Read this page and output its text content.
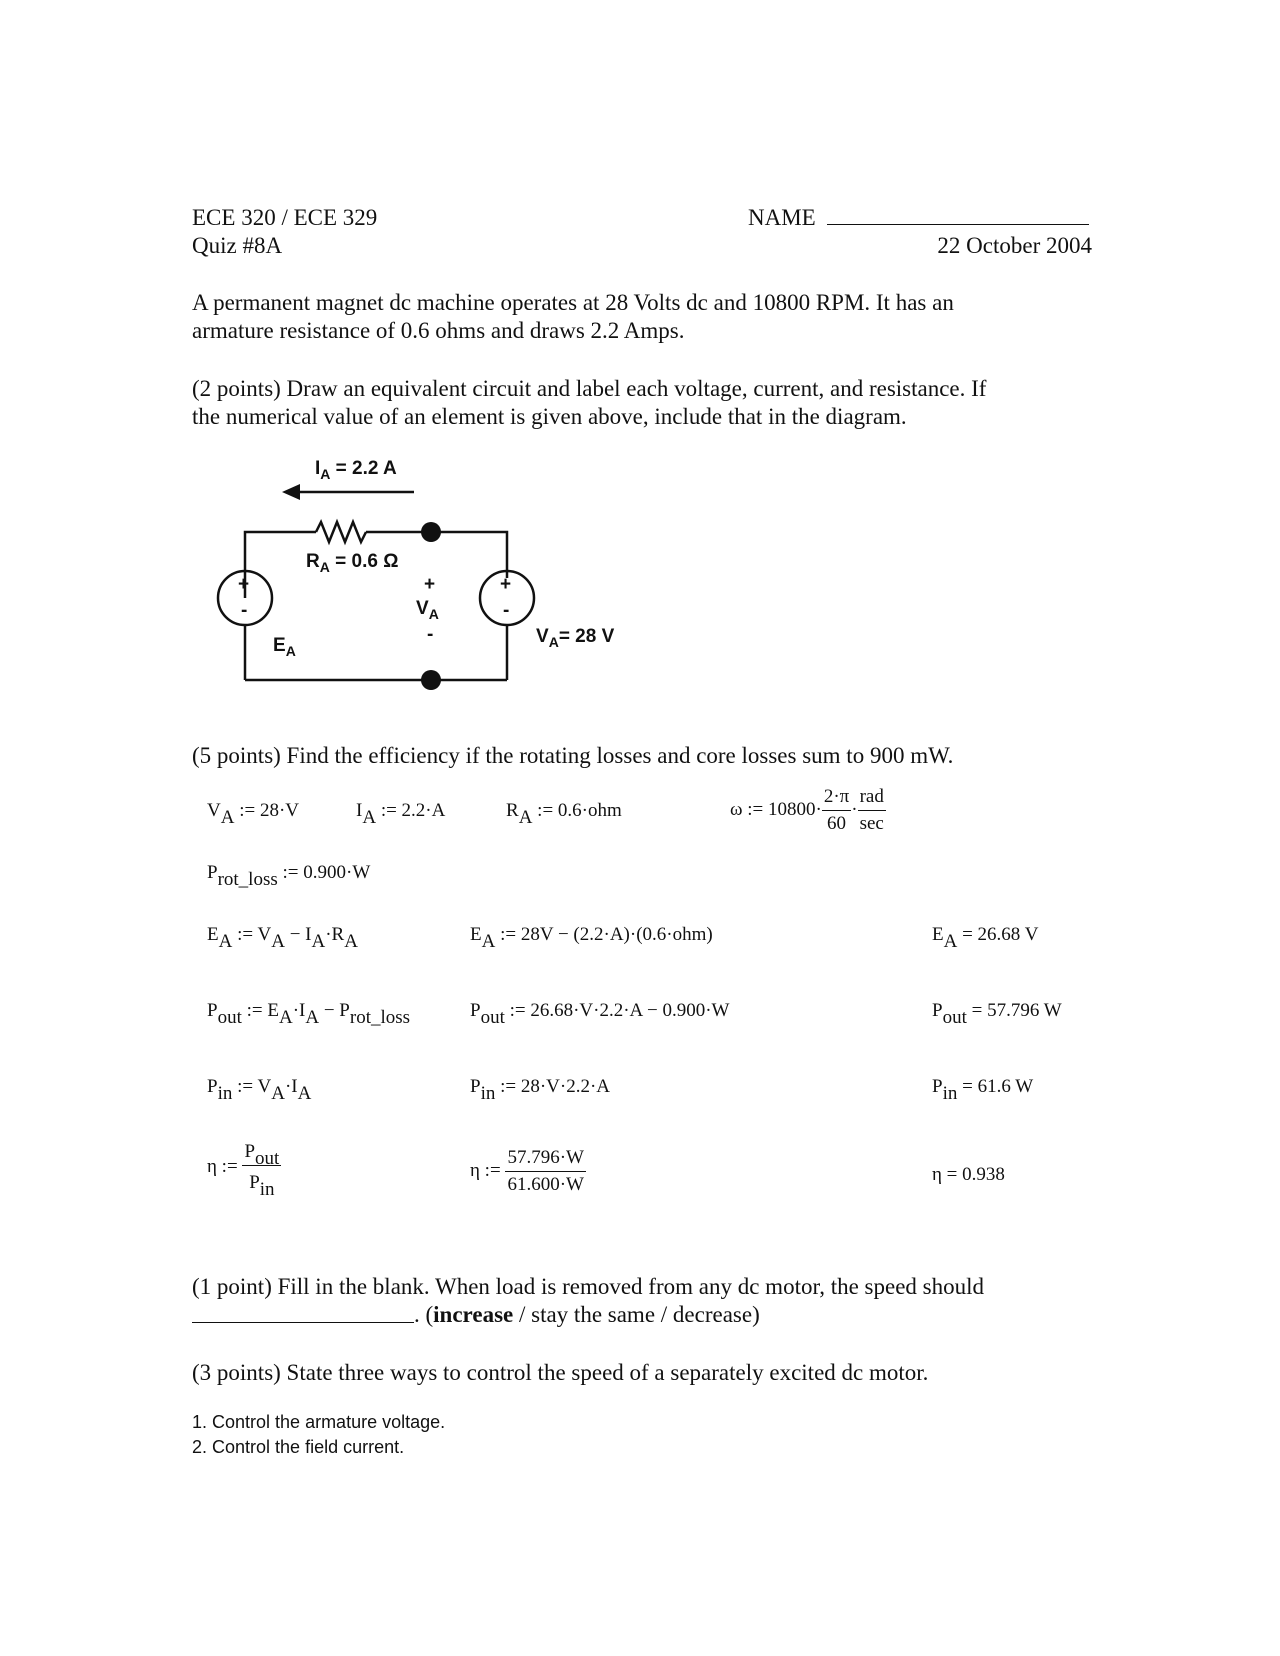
ECE 320 / ECE 329
Quiz #8A
NAME
22 October 2004
A permanent magnet dc machine operates at 28 Volts dc and 10800 RPM. It has an
armature resistance of 0.6 ohms and draws 2.2 Amps.
(2 points) Draw an equivalent circuit and label each voltage, current, and resistance. If
the numerical value of an element is given above, include that in the diagram.
$I_A = 2.2$ A
$R_A = 0.6$ Ω
+
-
+
-
$E_A$
+
$V_A$
-	$V_A= 28$ V
(5 points) Find the efficiency if the rotating losses and core losses sum to 900 mW.
$V_A$ := 28·V	$I_A$ := 2.2·A	$R_A$ := 0.6·ohm	ω := $10800\cdot \frac{2\cdot\pi}{60} \cdot \frac{\text{rad}}{\sec}$
$P_{rot\_loss}$ := 0.900·W
$E_A$ := $V_A - I_A\cdot R_A$	$E_A$ := 28V − (2.2·A)·(0.6·ohm)	$E_A = 26.68$ V
$P_{out}$ := $E_A\cdot I_A - P_{rot\_loss}$	$P_{out}$ := 26.68·V·2.2·A − 0.900·W	$P_{out} = 57.796$ W
$P_{in}$ := $V_A\cdot I_A$	$P_{in}$ := 28·V·2.2·A	$P_{in} = 61.6$ W
η := $\frac{P_{out}}{P_{in}}$	η := $\frac{57.796\cdot W}{61.600\cdot W}$	η = 0.938
(1 point) Fill in the blank. When load is removed from any dc motor, the speed should
. (increase / stay the same / decrease)
(3 points) State three ways to control the speed of a separately excited dc motor.
1. Control the armature voltage.
2. Control the field current.
